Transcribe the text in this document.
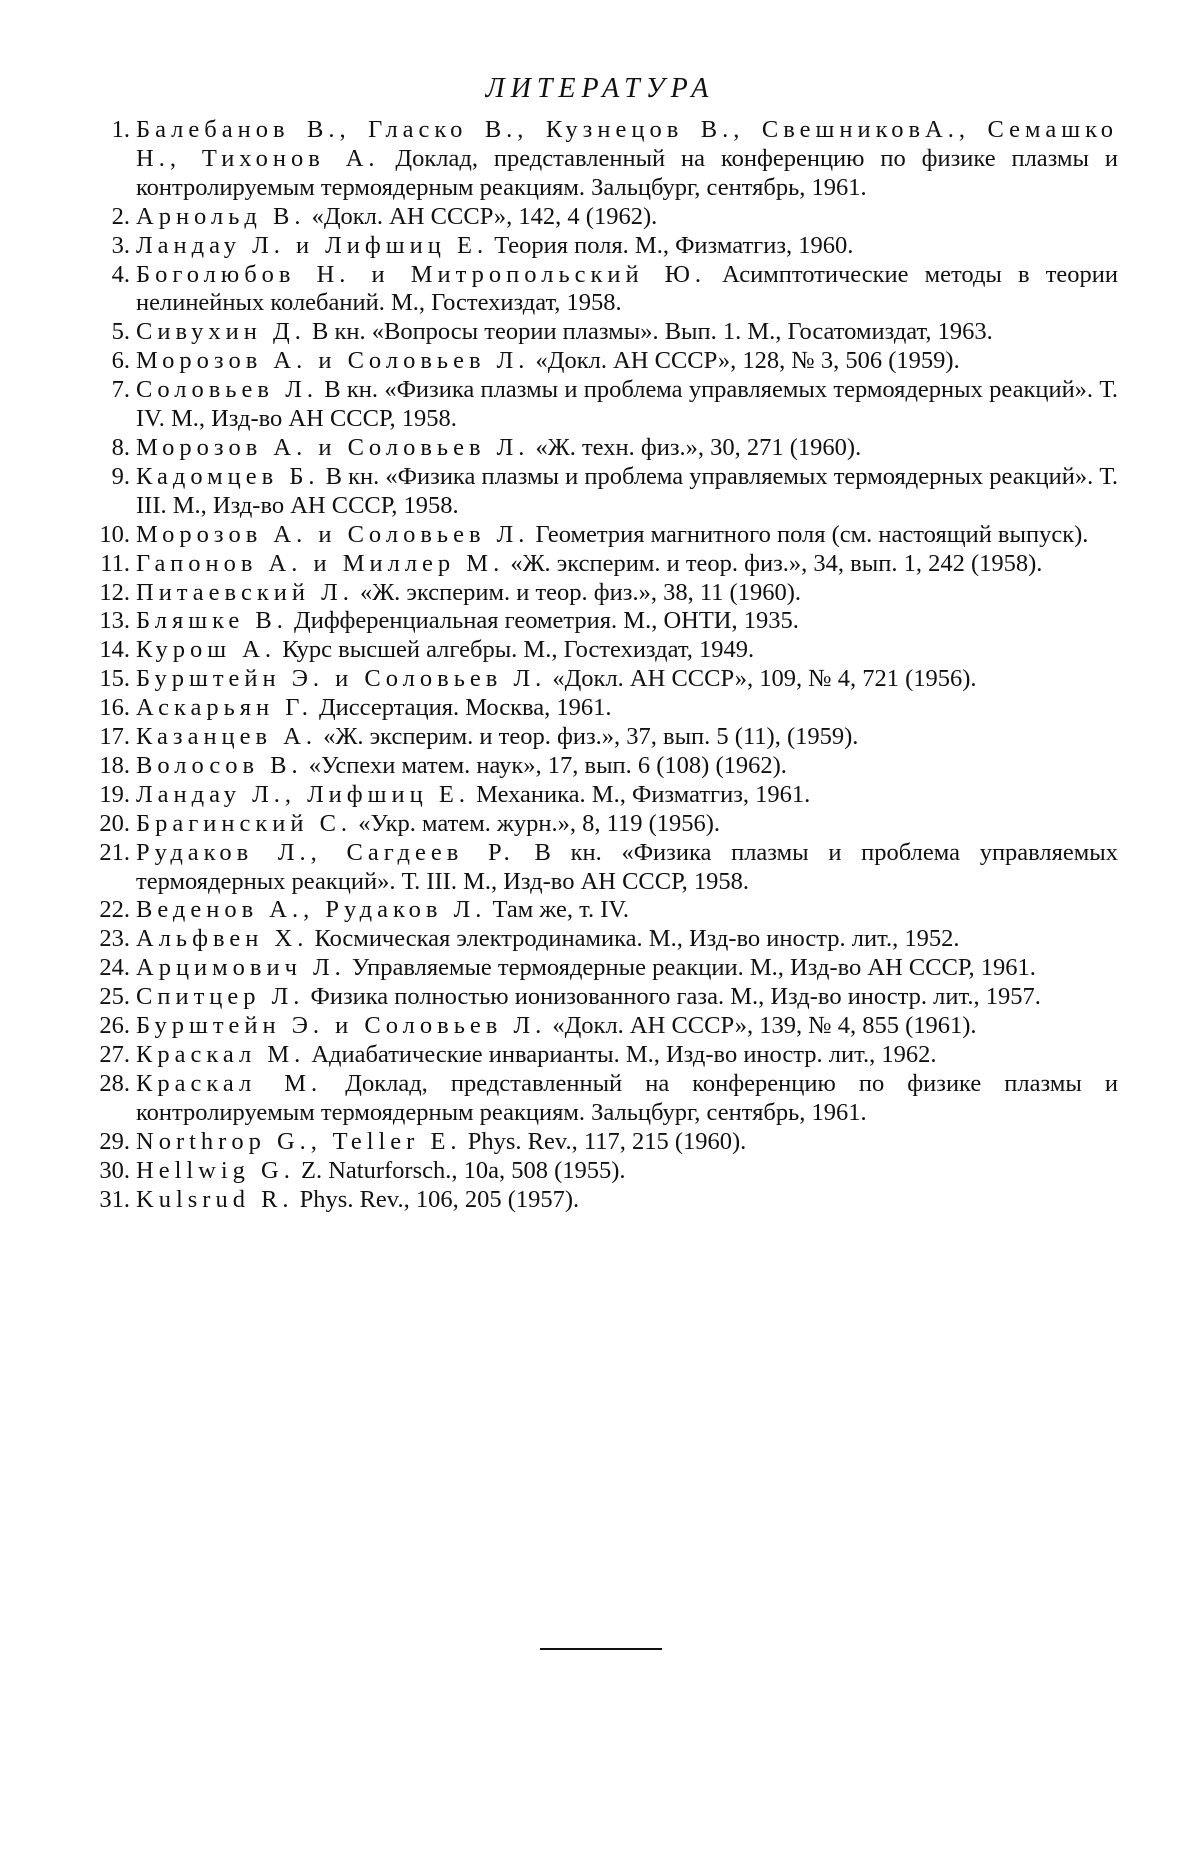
ЛИТЕРАТУРА
1. Балебанов В., Гласко В., Кузнецов В., СвешниковА., Семашко Н., Тихонов А. Доклад, представленный на конференцию по физике плазмы и контролируемым термоядерным реакциям. Зальцбург, сентябрь, 1961.
2. Арнольд В. «Докл. АН СССР», 142, 4 (1962).
3. Ландау Л. и Лифшиц Е. Теория поля. М., Физматгиз, 1960.
4. Боголюбов Н. и Митропольский Ю. Асимптотические методы в теории нелинейных колебаний. М., Гостехиздат, 1958.
5. Сивухин Д. В кн. «Вопросы теории плазмы». Вып. 1. М., Госатомиздат, 1963.
6. Морозов А. и Соловьев Л. «Докл. АН СССР», 128, № 3, 506 (1959).
7. Соловьев Л. В кн. «Физика плазмы и проблема управляемых термоядерных реакций». Т. IV. М., Изд-во АН СССР, 1958.
8. Морозов А. и Соловьев Л. «Ж. техн. физ.», 30, 271 (1960).
9. Кадомцев Б. В кн. «Физика плазмы и проблема управляемых термоядерных реакций». Т. III. М., Изд-во АН СССР, 1958.
10. Морозов А. и Соловьев Л. Геометрия магнитного поля (см. настоящий выпуск).
11. Гапонов А. и Миллер М. «Ж. эксперим. и теор. физ.», 34, вып. 1, 242 (1958).
12. Питаевский Л. «Ж. эксперим. и теор. физ.», 38, 11 (1960).
13. Бляшке В. Дифференциальная геометрия. М., ОНТИ, 1935.
14. Курош А. Курс высшей алгебры. М., Гостехиздат, 1949.
15. Бурштейн Э. и Соловьев Л. «Докл. АН СССР», 109, № 4, 721 (1956).
16. Аскарьян Г. Диссертация. Москва, 1961.
17. Казанцев А. «Ж. эксперим. и теор. физ.», 37, вып. 5 (11), (1959).
18. Волосов В. «Успехи матем. наук», 17, вып. 6 (108) (1962).
19. Ландау Л., Лифшиц Е. Механика. М., Физматгиз, 1961.
20. Брагинский С. «Укр. матем. журн.», 8, 119 (1956).
21. Рудаков Л., Сагдеев Р. В кн. «Физика плазмы и проблема управляемых термоядерных реакций». Т. III. М., Изд-во АН СССР, 1958.
22. Веденов А., Рудаков Л. Там же, т. IV.
23. Альфвен Х. Космическая электродинамика. М., Изд-во иностр. лит., 1952.
24. Арцимович Л. Управляемые термоядерные реакции. М., Изд-во АН СССР, 1961.
25. Спитцер Л. Физика полностью ионизованного газа. М., Изд-во иностр. лит., 1957.
26. Бурштейн Э. и Соловьев Л. «Докл. АН СССР», 139, № 4, 855 (1961).
27. Краскал М. Адиабатические инварианты. М., Изд-во иностр. лит., 1962.
28. Краскал М. Доклад, представленный на конференцию по физике плазмы и контролируемым термоядерным реакциям. Зальцбург, сентябрь, 1961.
29. Northrop G., Teller E. Phys. Rev., 117, 215 (1960).
30. Hellwig G. Z. Naturforsch., 10a, 508 (1955).
31. Kulsrud R. Phys. Rev., 106, 205 (1957).
